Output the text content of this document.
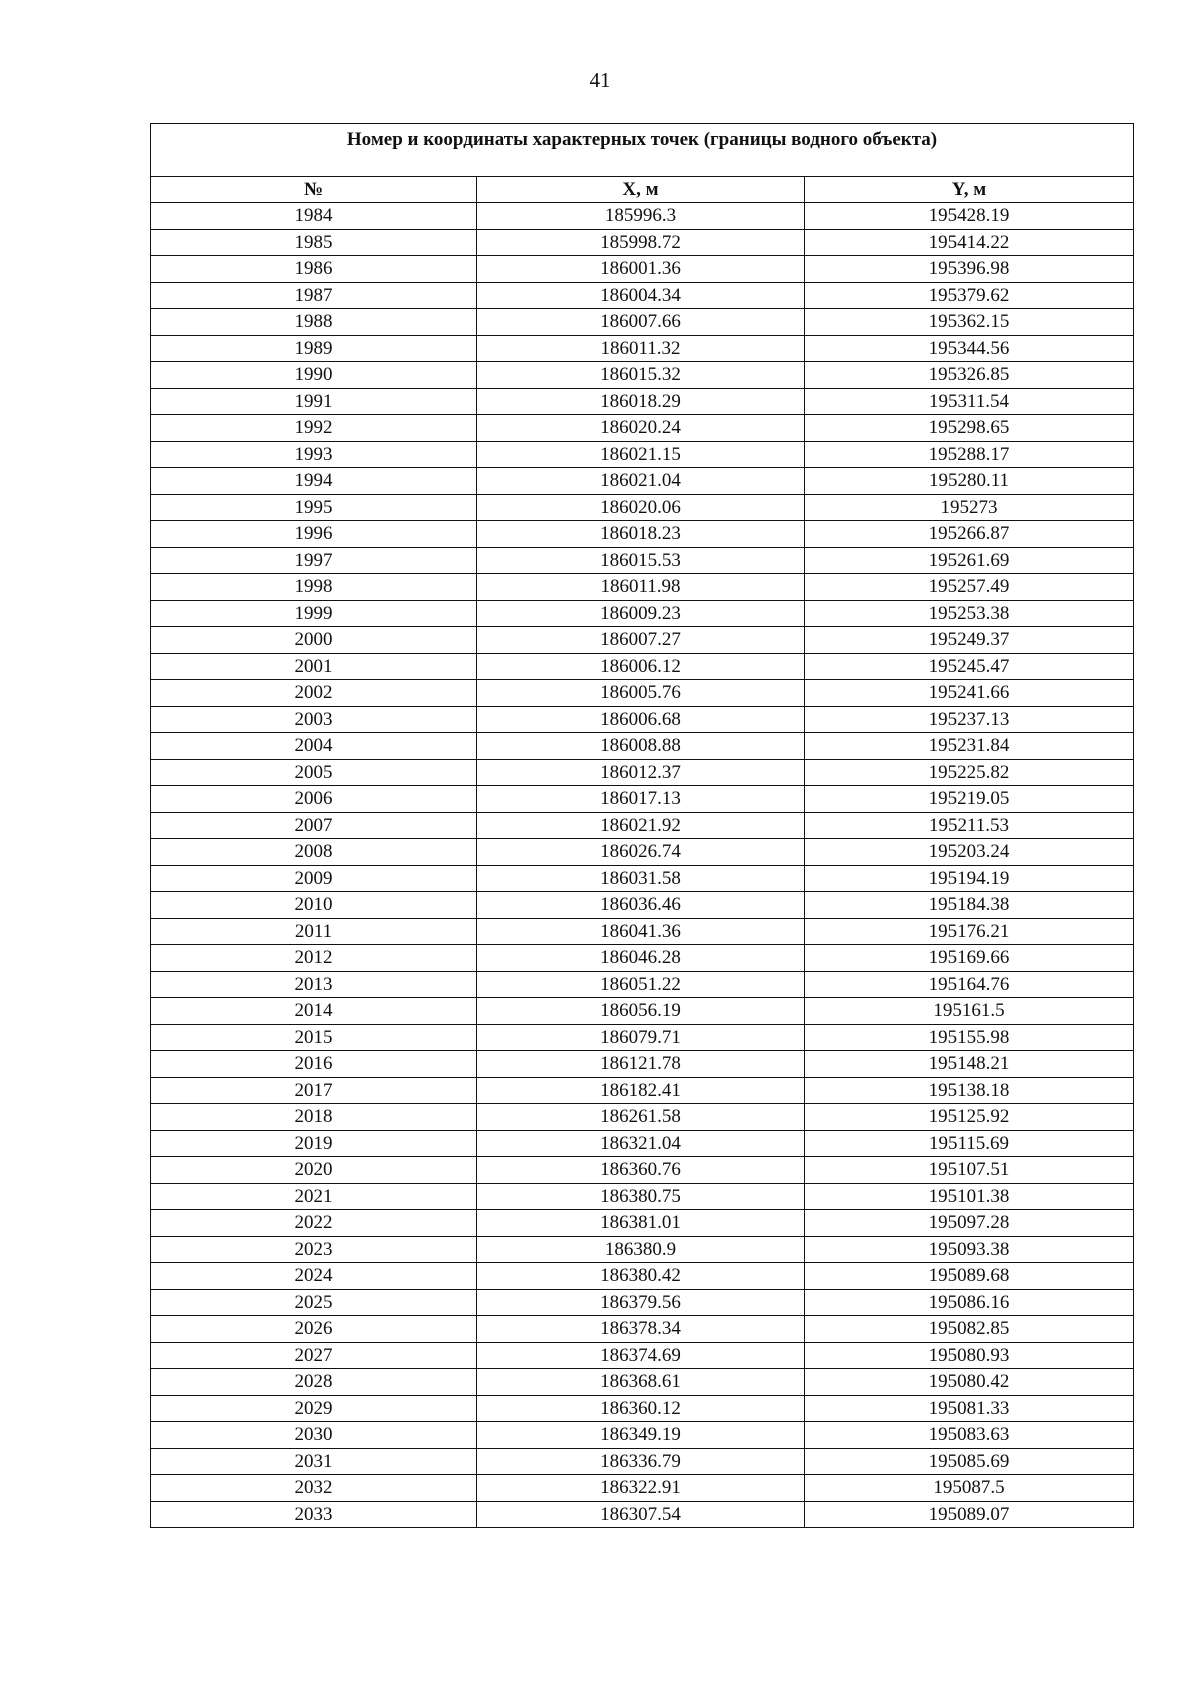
41
Номер и координаты характерных точек (границы водного объекта)		
№	X, м	Y, м
1984	185996.3	195428.19
1985	185998.72	195414.22
1986	186001.36	195396.98
1987	186004.34	195379.62
1988	186007.66	195362.15
1989	186011.32	195344.56
1990	186015.32	195326.85
1991	186018.29	195311.54
1992	186020.24	195298.65
1993	186021.15	195288.17
1994	186021.04	195280.11
1995	186020.06	195273
1996	186018.23	195266.87
1997	186015.53	195261.69
1998	186011.98	195257.49
1999	186009.23	195253.38
2000	186007.27	195249.37
2001	186006.12	195245.47
2002	186005.76	195241.66
2003	186006.68	195237.13
2004	186008.88	195231.84
2005	186012.37	195225.82
2006	186017.13	195219.05
2007	186021.92	195211.53
2008	186026.74	195203.24
2009	186031.58	195194.19
2010	186036.46	195184.38
2011	186041.36	195176.21
2012	186046.28	195169.66
2013	186051.22	195164.76
2014	186056.19	195161.5
2015	186079.71	195155.98
2016	186121.78	195148.21
2017	186182.41	195138.18
2018	186261.58	195125.92
2019	186321.04	195115.69
2020	186360.76	195107.51
2021	186380.75	195101.38
2022	186381.01	195097.28
2023	186380.9	195093.38
2024	186380.42	195089.68
2025	186379.56	195086.16
2026	186378.34	195082.85
2027	186374.69	195080.93
2028	186368.61	195080.42
2029	186360.12	195081.33
2030	186349.19	195083.63
2031	186336.79	195085.69
2032	186322.91	195087.5
2033	186307.54	195089.07
